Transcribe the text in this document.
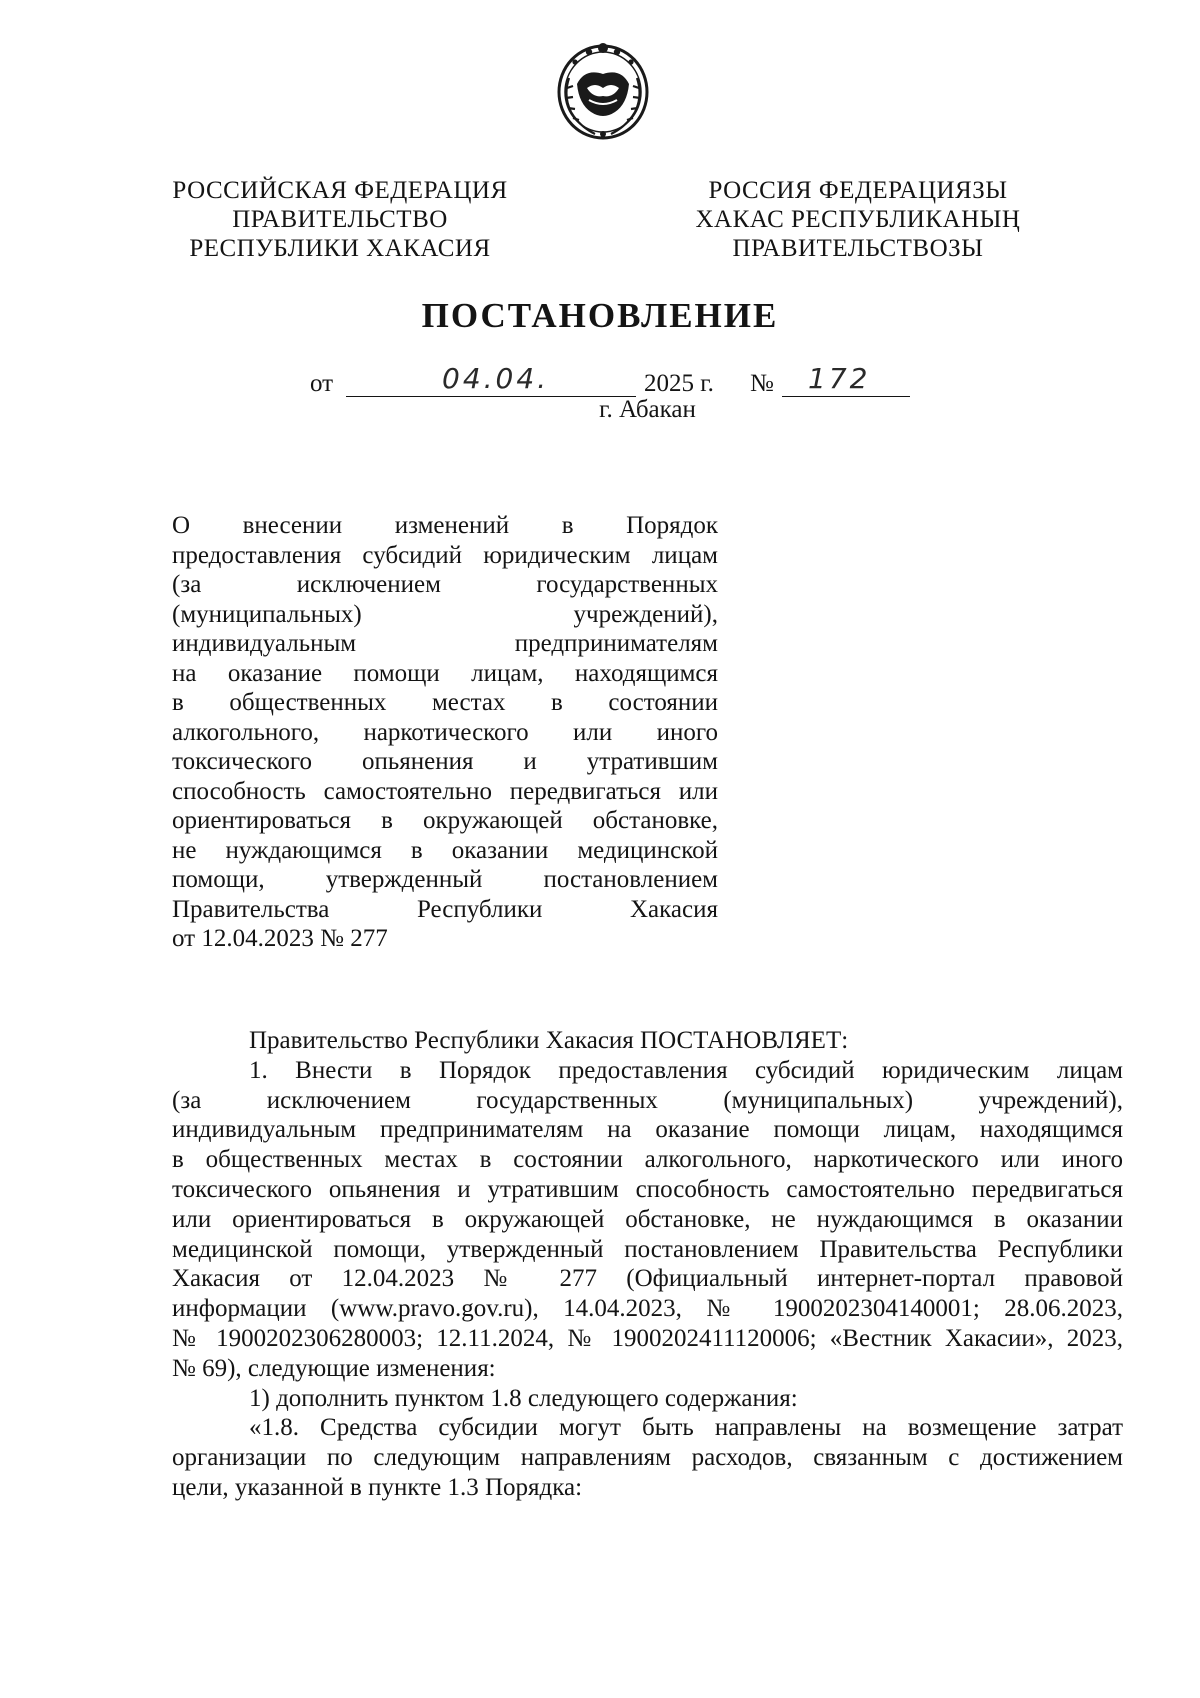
РОССИЙСКАЯ ФЕДЕРАЦИЯ
ПРАВИТЕЛЬСТВО
РЕСПУБЛИКИ ХАКАСИЯ
РОССИЯ ФЕДЕРАЦИЯЗЫ
ХАКАС РЕСПУБЛИКАНЫҢ
ПРАВИТЕЛЬСТВОЗЫ
ПОСТАНОВЛЕНИЕ
от	04.04.	2025 г. № 172
г. Абакан
О внесении изменений в Порядок
предоставления субсидий юридическим лицам
(за исключением государственных
(муниципальных) учреждений),
индивидуальным предпринимателям
на оказание помощи лицам, находящимся
в общественных местах в состоянии
алкогольного, наркотического или иного
токсического опьянения и утратившим
способность самостоятельно передвигаться или
ориентироваться в окружающей обстановке,
не нуждающимся в оказании медицинской
помощи, утвержденный постановлением
Правительства Республики Хакасия
от 12.04.2023 № 277
Правительство Республики Хакасия ПОСТАНОВЛЯЕТ:
1. Внести в Порядок предоставления субсидий юридическим лицам
(за исключением государственных (муниципальных) учреждений),
индивидуальным предпринимателям на оказание помощи лицам, находящимся
в общественных местах в состоянии алкогольного, наркотического или иного
токсического опьянения и утратившим способность самостоятельно передвигаться
или ориентироваться в окружающей обстановке, не нуждающимся в оказании
медицинской помощи, утвержденный постановлением Правительства Республики
Хакасия от 12.04.2023 № 277 (Официальный интернет-портал правовой
информации (www.pravo.gov.ru), 14.04.2023, № 1900202304140001; 28.06.2023,
№ 1900202306280003; 12.11.2024, № 1900202411120006; «Вестник Хакасии», 2023,
№ 69), следующие изменения:
1) дополнить пунктом 1.8 следующего содержания:
«1.8. Средства субсидии могут быть направлены на возмещение затрат
организации по следующим направлениям расходов, связанным с достижением
цели, указанной в пункте 1.3 Порядка:
